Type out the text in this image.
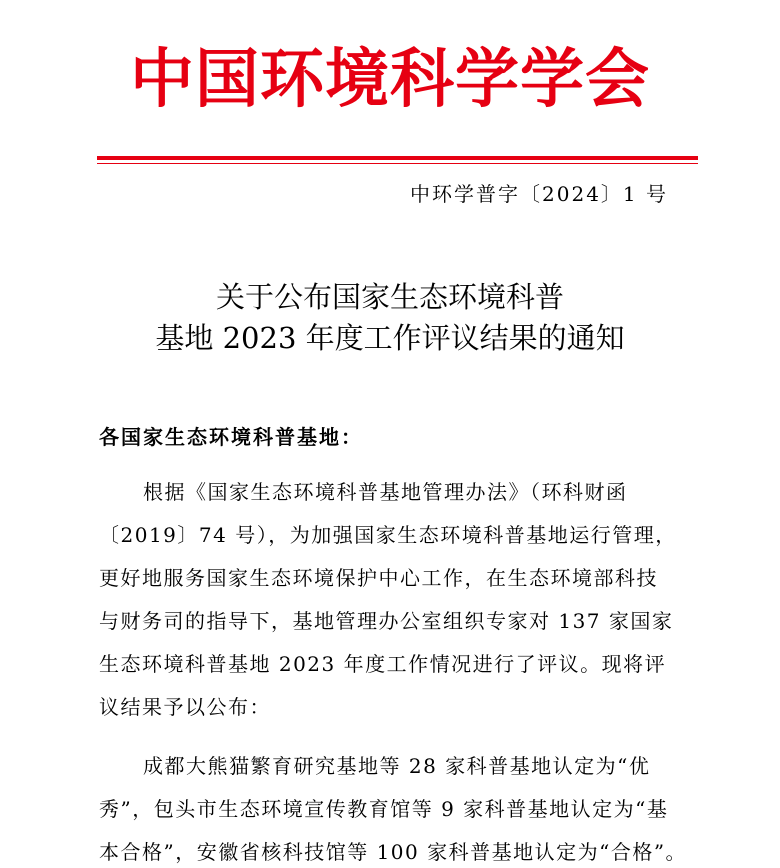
中国环境科学学会
中环学普字〔2024〕1 号
关于公布国家生态环境科普
基地 2023 年度工作评议结果的通知
各国家生态环境科普基地：
根据《国家生态环境科普基地管理办法》（环科财函
〔2019〕74 号），为加强国家生态环境科普基地运行管理，
更好地服务国家生态环境保护中心工作，在生态环境部科技
与财务司的指导下，基地管理办公室组织专家对 137 家国家
生态环境科普基地 2023 年度工作情况进行了评议。现将评
议结果予以公布：
成都大熊猫繁育研究基地等 28 家科普基地认定为“优
秀”，包头市生态环境宣传教育馆等 9 家科普基地认定为“基
本合格”，安徽省核科技馆等 100 家科普基地认定为“合格”。
